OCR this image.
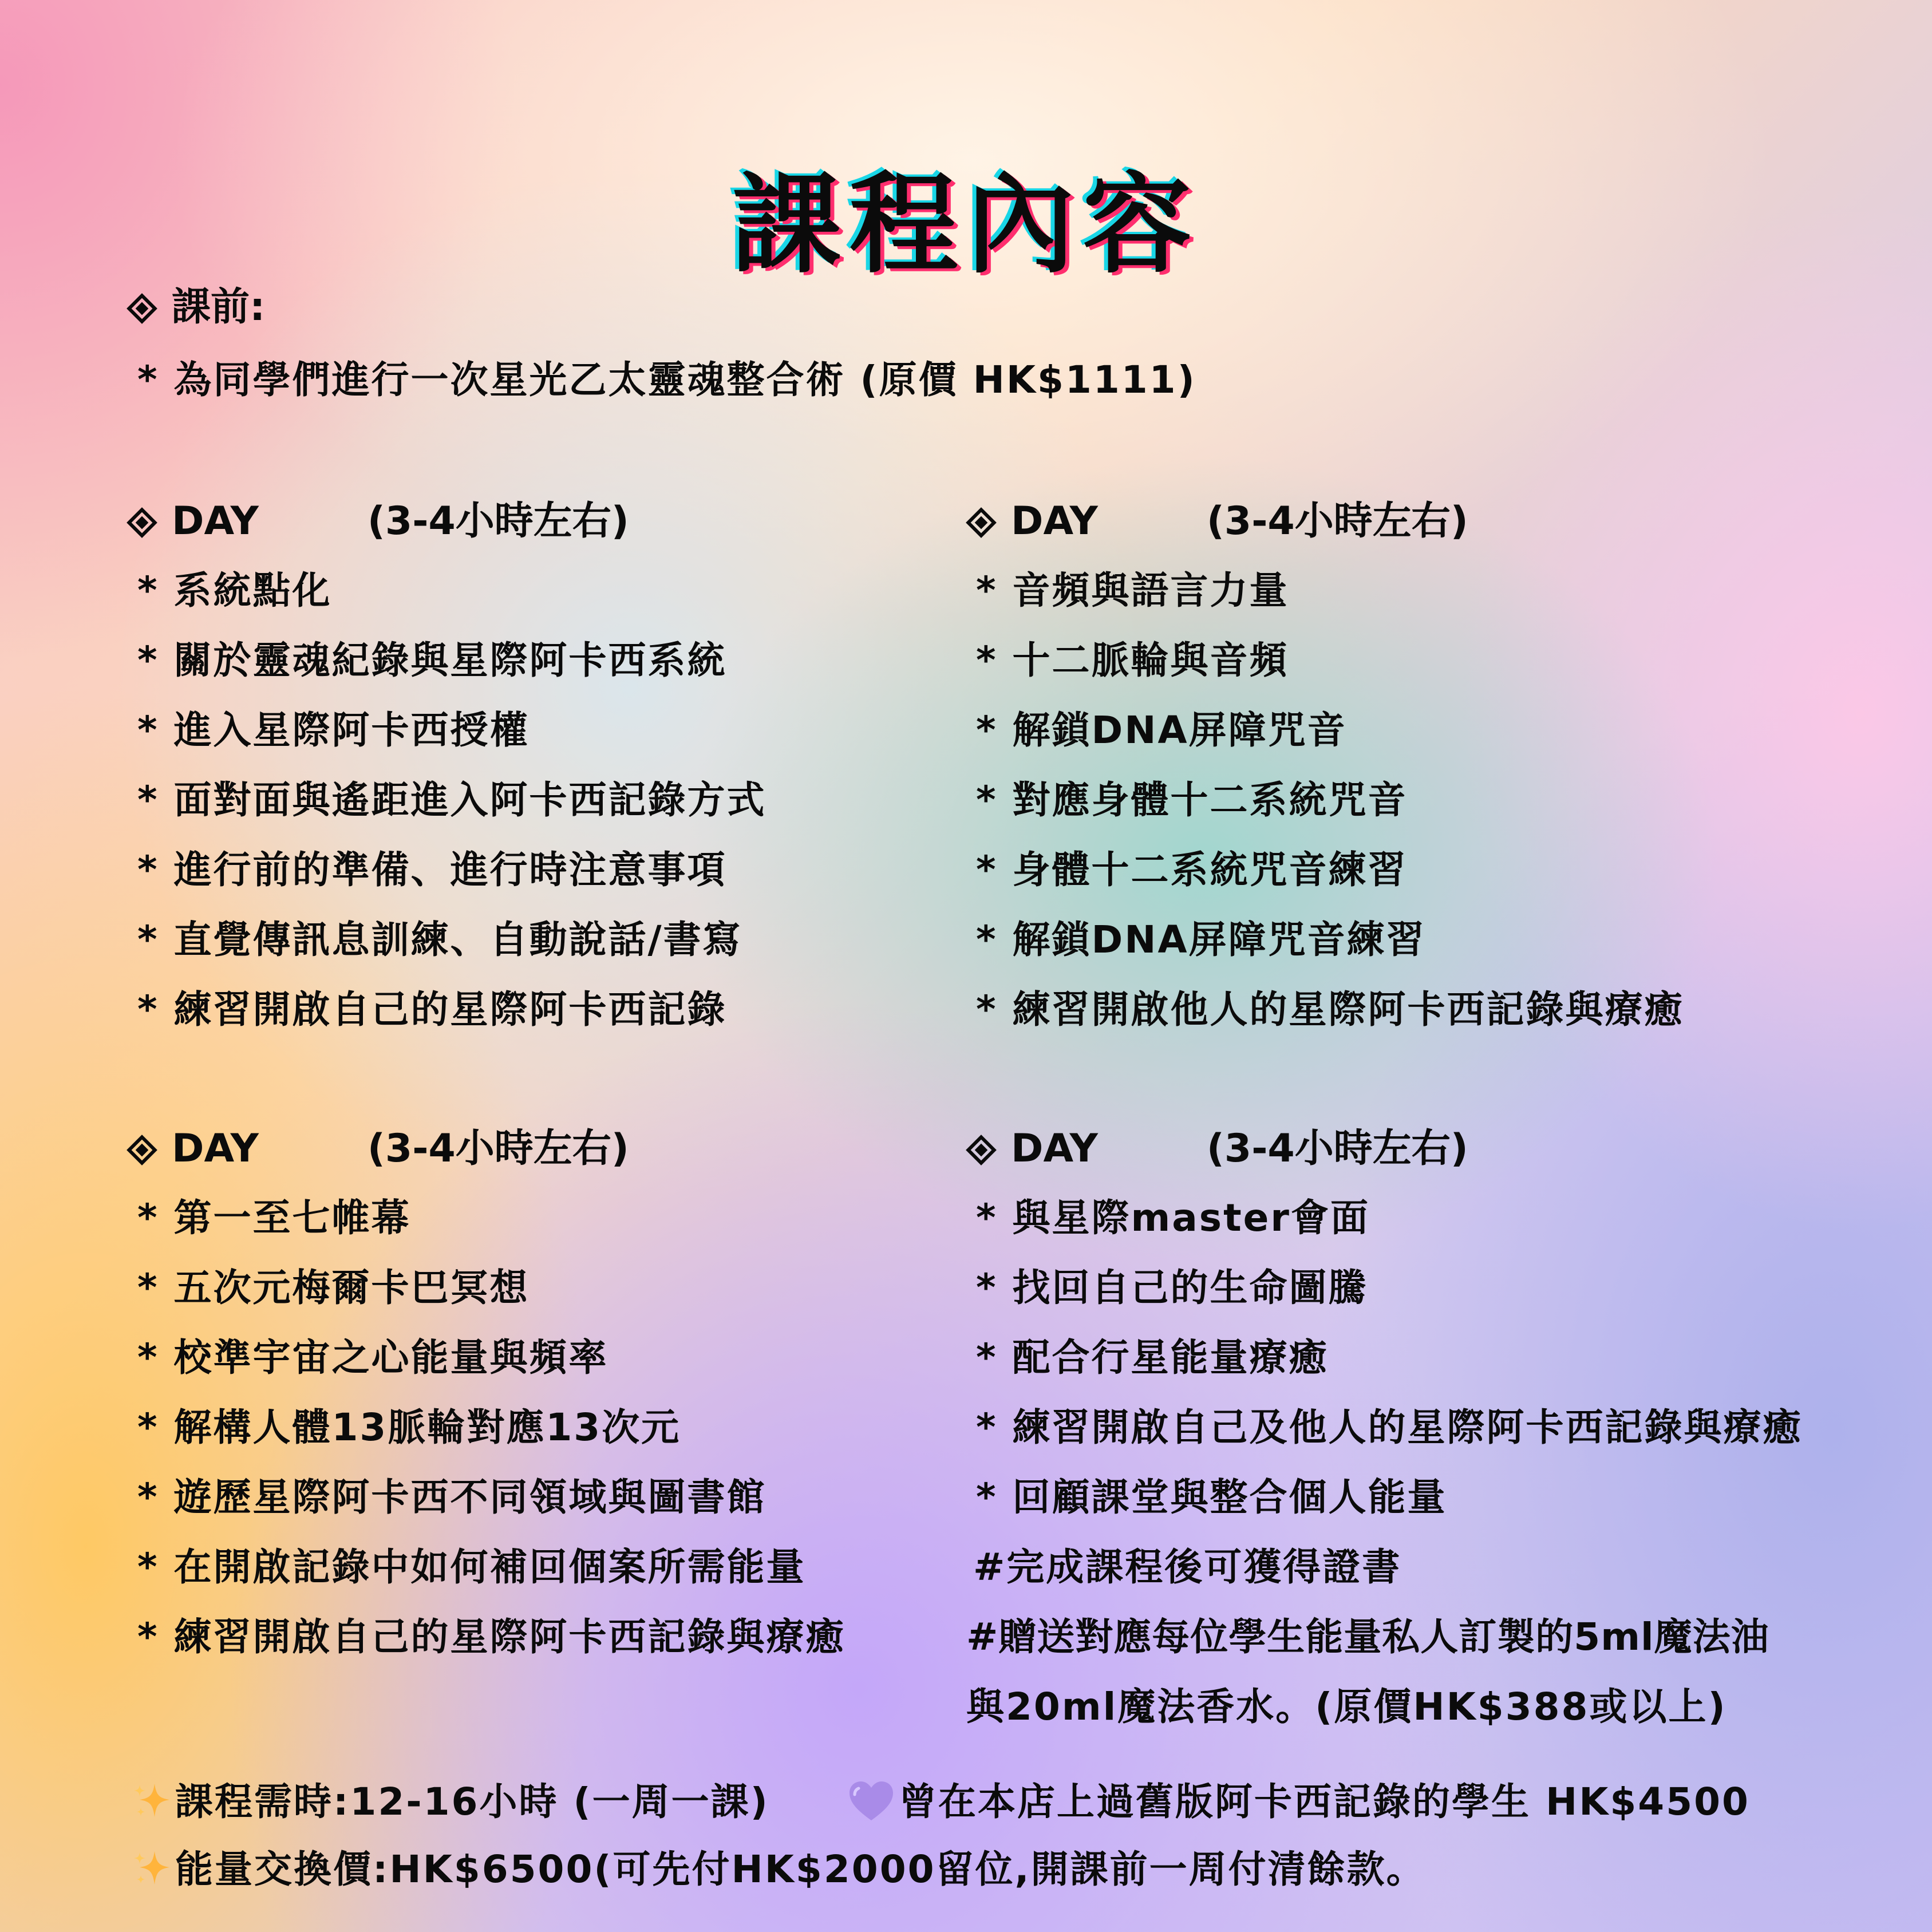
課程內容
課前:
* 為同學們進行一次星光乙太靈魂整合術 (原價 HK$1111)
DAY	(3-4小時左右)	DAY	(3-4小時左右)
DAY	(3-4小時左右)	DAY	(3-4小時左右)
* 系統點化
* 關於靈魂紀錄與星際阿卡西系統
* 進入星際阿卡西授權
* 面對面與遙距進入阿卡西記錄方式
* 進行前的準備、進行時注意事項
* 直覺傳訊息訓練、自動說話/書寫
* 練習開啟自己的星際阿卡西記錄
* 音頻與語言力量
* 十二脈輪與音頻
* 解鎖DNA屏障咒音
* 對應身體十二系統咒音
* 身體十二系統咒音練習
* 解鎖DNA屏障咒音練習
* 練習開啟他人的星際阿卡西記錄與療癒
* 第一至七帷幕
* 五次元梅爾卡巴冥想
* 校準宇宙之心能量與頻率
* 解構人體13脈輪對應13次元
* 遊歷星際阿卡西不同領域與圖書館
* 在開啟記錄中如何補回個案所需能量
* 練習開啟自己的星際阿卡西記錄與療癒
* 與星際master會面
* 找回自己的生命圖騰
* 配合行星能量療癒
* 練習開啟自己及他人的星際阿卡西記錄與療癒
* 回顧課堂與整合個人能量
#完成課程後可獲得證書
#贈送對應每位學生能量私人訂製的5ml魔法油
與20ml魔法香水。(原價HK$388或以上)
課程需時:12-16小時 (一周一課)	曾在本店上過舊版阿卡西記錄的學生 HK$4500
能量交換價:HK$6500(可先付HK$2000留位,開課前一周付清餘款。
